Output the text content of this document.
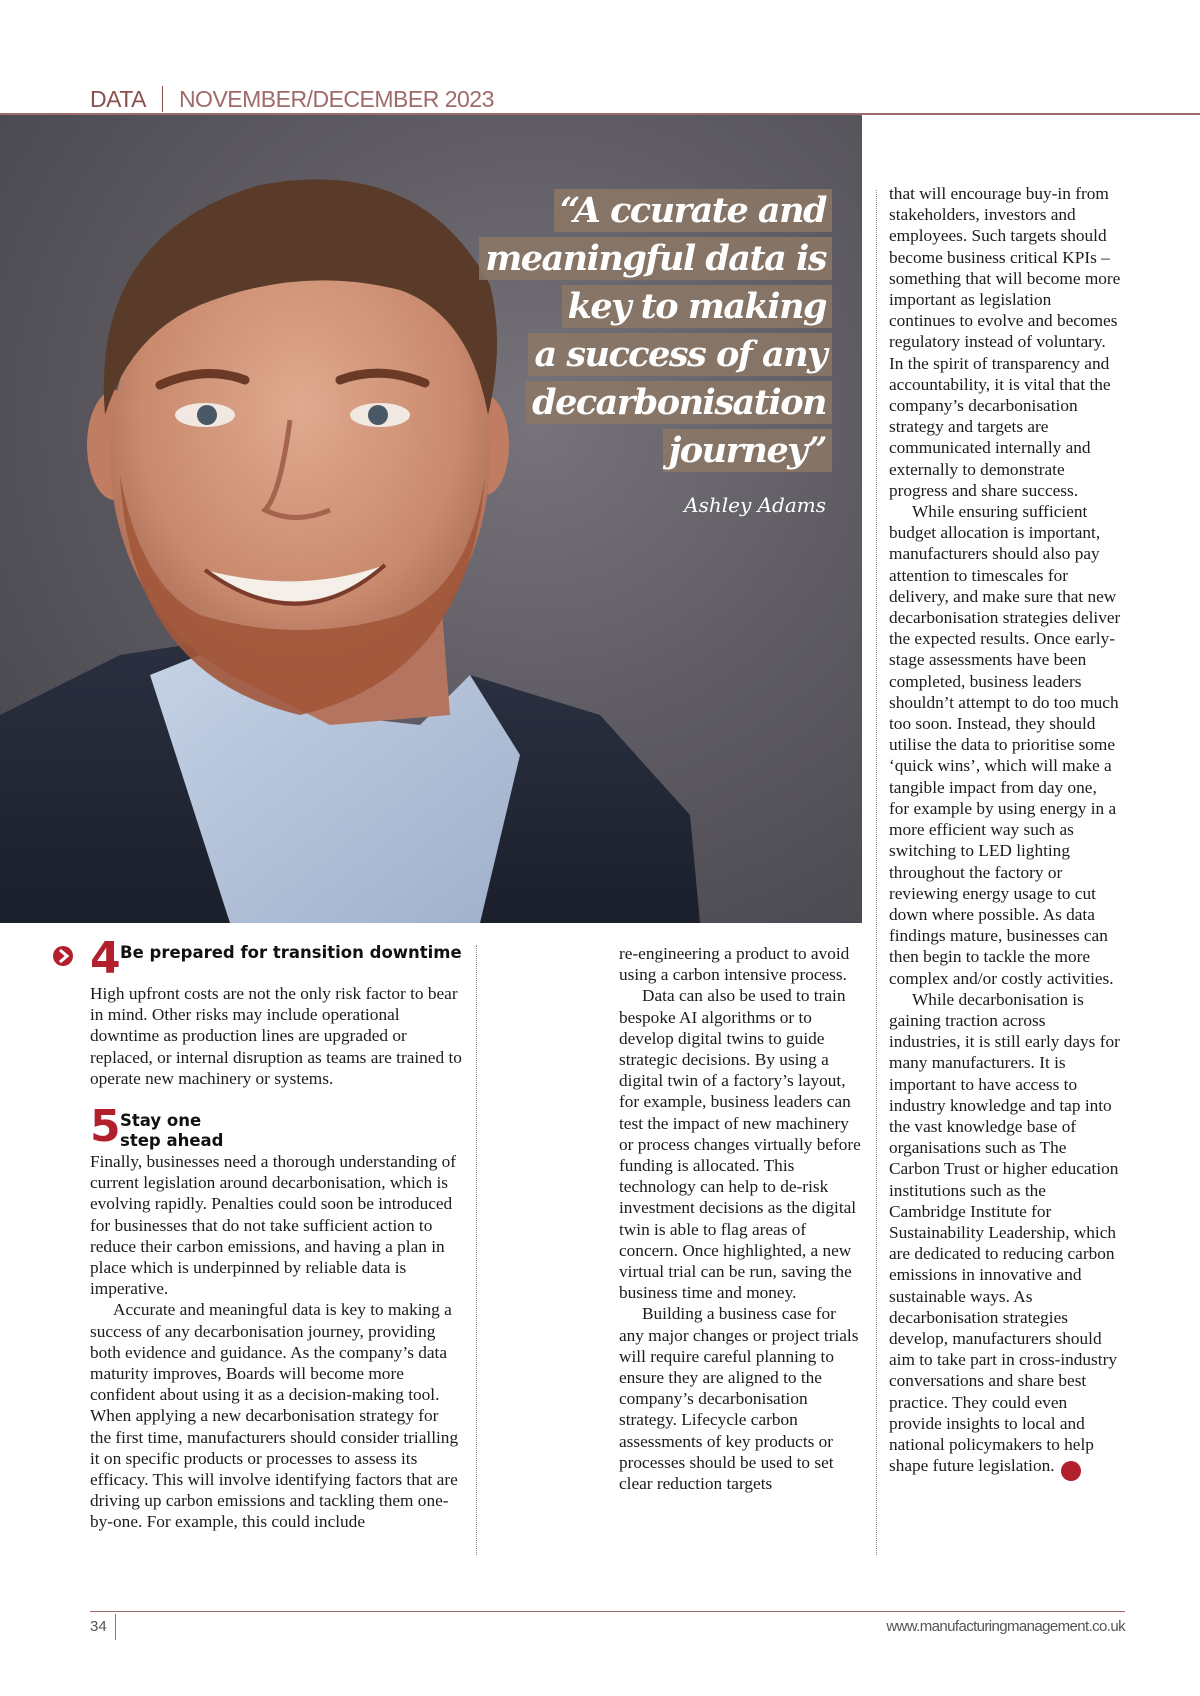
DATA NOVEMBER/DECEMBER 2023
“A ccurate and
meaningful data is
key to making
a success of any
decarbonisation
journey”
Ashley Adams
4 Be prepared for transition downtime

High upfront costs are not the only risk factor to bear in mind. Other risks may include operational downtime as production lines are upgraded or replaced, or internal disruption as teams are trained to operate new machinery or systems.

5 Stay one step ahead

Finally, businesses need a thorough understanding of current legislation around decarbonisation, which is evolving rapidly. Penalties could soon be introduced for businesses that do not take sufficient action to reduce their carbon emissions, and having a plan in place which is underpinned by reliable data is imperative.

Accurate and meaningful data is key to making a success of any decarbonisation journey, providing both evidence and guidance. As the company’s data maturity improves, Boards will become more confident about using it as a decision-making tool. When applying a new decarbonisation strategy for the first time, manufacturers should consider trialling it on specific products or processes to assess its efficacy. This will involve identifying factors that are driving up carbon emissions and tackling them one-by-one. For example, this could include

re-engineering a product to avoid using a carbon intensive process.

Data can also be used to train bespoke AI algorithms or to develop digital twins to guide strategic decisions. By using a digital twin of a factory’s layout, for example, business leaders can test the impact of new machinery or process changes virtually before funding is allocated. This technology can help to de-risk investment decisions as the digital twin is able to flag areas of concern. Once highlighted, a new virtual trial can be run, saving the business time and money.

Building a business case for any major changes or project trials will require careful planning to ensure they are aligned to the company’s decarbonisation strategy. Lifecycle carbon assessments of key products or processes should be used to set clear reduction targets

that will encourage buy-in from stakeholders, investors and employees. Such targets should become business critical KPIs – something that will become more important as legislation continues to evolve and becomes regulatory instead of voluntary. In the spirit of transparency and accountability, it is vital that the company’s decarbonisation strategy and targets are communicated internally and externally to demonstrate progress and share success.

While ensuring sufficient budget allocation is important, manufacturers should also pay attention to timescales for delivery, and make sure that new decarbonisation strategies deliver the expected results. Once early-stage assessments have been completed, business leaders shouldn’t attempt to do too much too soon. Instead, they should utilise the data to prioritise some ‘quick wins’, which will make a tangible impact from day one, for example by using energy in a more efficient way such as switching to LED lighting throughout the factory or reviewing energy usage to cut down where possible. As data findings mature, businesses can then begin to tackle the more complex and/or costly activities.

While decarbonisation is gaining traction across industries, it is still early days for many manufacturers. It is important to have access to industry knowledge and tap into the vast knowledge base of organisations such as The Carbon Trust or higher education institutions such as the Cambridge Institute for Sustainability Leadership, which are dedicated to reducing carbon emissions in innovative and sustainable ways. As decarbonisation strategies develop, manufacturers should aim to take part in cross-industry conversations and share best practice. They could even provide insights to local and national policymakers to help shape future legislation.	M

34	www.manufacturingmanagement.co.uk
